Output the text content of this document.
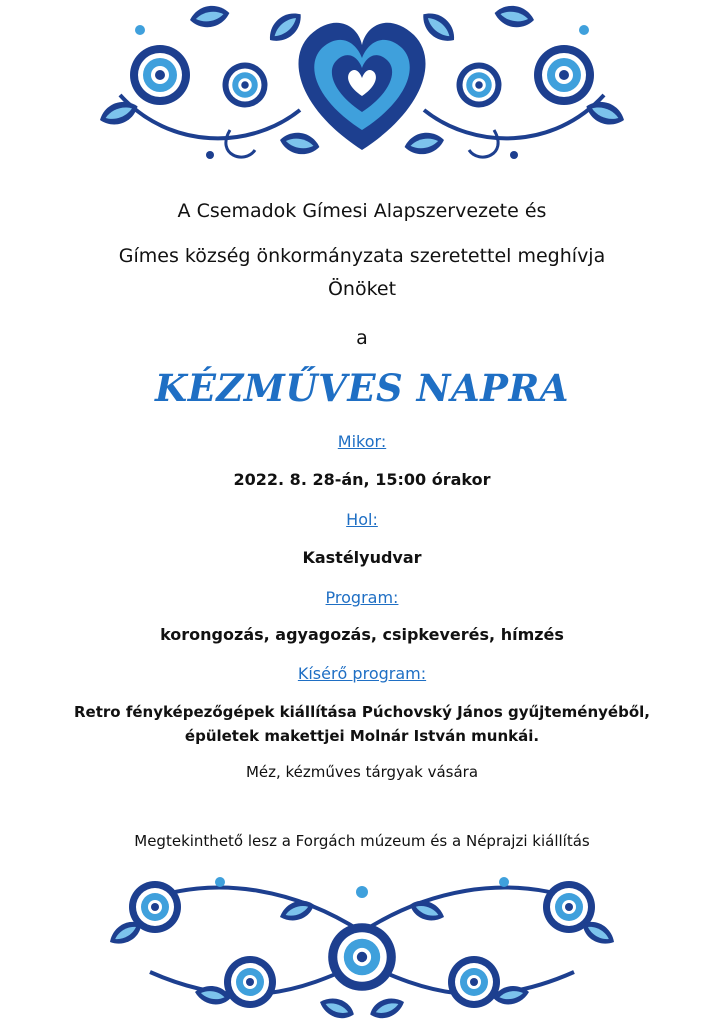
A Csemadok Gímesi Alapszervezete és
Gímes község önkormányzata szeretettel meghívja
Önöket
a
KÉZMŰVES NAPRA
Mikor:
2022. 8. 28-án, 15:00 órakor
Hol:
Kastélyudvar
Program:
korongozás, agyagozás, csipkeverés, hímzés
Kísérő program:
Retro fényképezőgépek kiállítása Púchovský János gyűjteményéből,
épületek makettjei Molnár István munkái.
Méz, kézműves tárgyak vására
Megtekinthető lesz a Forgách múzeum és a Néprajzi kiállítás
